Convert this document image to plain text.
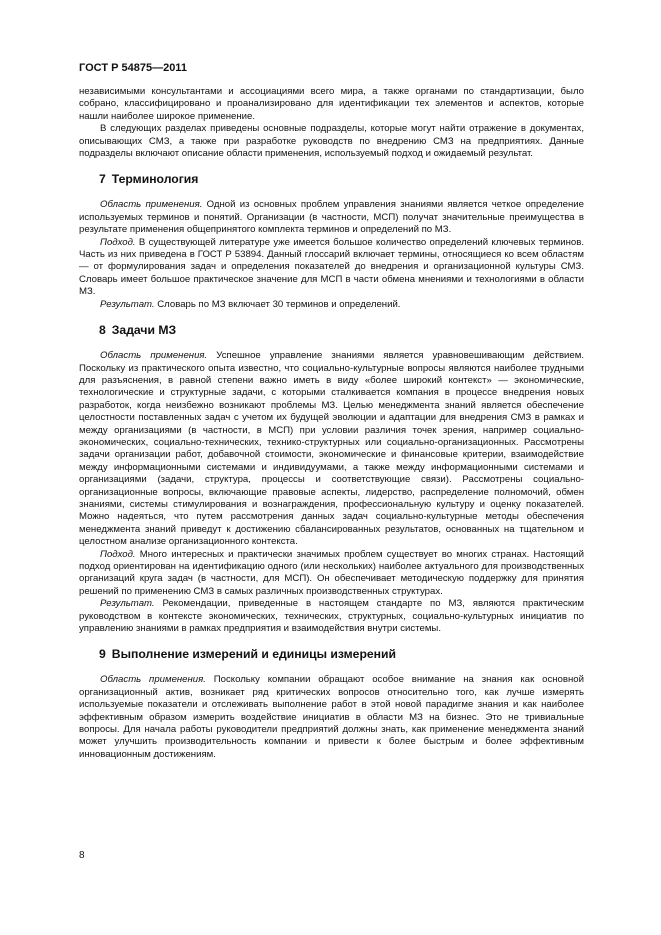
ГОСТ Р 54875—2011

независимыми консультантами и ассоциациями всего мира, а также органами по стандартизации, было собрано, классифицировано и проанализировано для идентификации тех элементов и аспектов, которые нашли наиболее широкое применение.

В следующих разделах приведены основные подразделы, которые могут найти отражение в документах, описывающих СМЗ, а также при разработке руководств по внедрению СМЗ на предприятиях. Данные подразделы включают описание области применения, используемый подход и ожидаемый результат.

7 Терминология

Область применения. Одной из основных проблем управления знаниями является четкое определение используемых терминов и понятий. Организации (в частности, МСП) получат значительные преимущества в результате применения общепринятого комплекта терминов и определений по МЗ.

Подход. В существующей литературе уже имеется большое количество определений ключевых терминов. Часть из них приведена в ГОСТ Р 53894. Данный глоссарий включает термины, относящиеся ко всем областям — от формулирования задач и определения показателей до внедрения и организационной культуры СМЗ. Словарь имеет большое практическое значение для МСП в части обмена мнениями и технологиями в области МЗ.

Результат. Словарь по МЗ включает 30 терминов и определений.

8 Задачи МЗ

Область применения. Успешное управление знаниями является уравновешивающим действием. Поскольку из практического опыта известно, что социально-культурные вопросы являются наиболее трудными для разъяснения, в равной степени важно иметь в виду «более широкий контекст» — экономические, технологические и структурные задачи, с которыми сталкивается компания в процессе внедрения новых разработок, когда неизбежно возникают проблемы МЗ. Целью менеджмента знаний является обеспечение целостности поставленных задач с учетом их будущей эволюции и адаптации для внедрения СМЗ в рамках и между организациями (в частности, в МСП) при условии различия точек зрения, например социально-экономических, социально-технических, технико-структурных или социально-организационных. Рассмотрены задачи организации работ, добавочной стоимости, экономические и финансовые критерии, взаимодействие между информационными системами и индивидуумами, а также между информационными системами и организациями (задачи, структура, процессы и соответствующие связи). Рассмотрены социально-организационные вопросы, включающие правовые аспекты, лидерство, распределение полномочий, обмен знаниями, системы стимулирования и вознаграждения, профессиональную культуру и оценку показателей. Можно надеяться, что путем рассмотрения данных задач социально-культурные методы обеспечения менеджмента знаний приведут к достижению сбалансированных результатов, основанных на тщательном и целостном анализе организационного контекста.

Подход. Много интересных и практически значимых проблем существует во многих странах. Настоящий подход ориентирован на идентификацию одного (или нескольких) наиболее актуального для производственных организаций круга задач (в частности, для МСП). Он обеспечивает методическую поддержку для принятия решений по применению СМЗ в самых различных производственных структурах.

Результат. Рекомендации, приведенные в настоящем стандарте по МЗ, являются практическим руководством в контексте экономических, технических, структурных, социально-культурных инициатив по управлению знаниями в рамках предприятия и взаимодействия внутри системы.

9 Выполнение измерений и единицы измерений

Область применения. Поскольку компании обращают особое внимание на знания как основной организационный актив, возникает ряд критических вопросов относительно того, как лучше измерять используемые показатели и отслеживать выполнение работ в этой новой парадигме знания и как наиболее эффективным образом измерить воздействие инициатив в области МЗ на бизнес. Это не тривиальные вопросы. Для начала работы руководители предприятий должны знать, как применение менеджмента знаний может улучшить производительность компании и привести к более быстрым и более эффективным инновационным достижениям.

8
